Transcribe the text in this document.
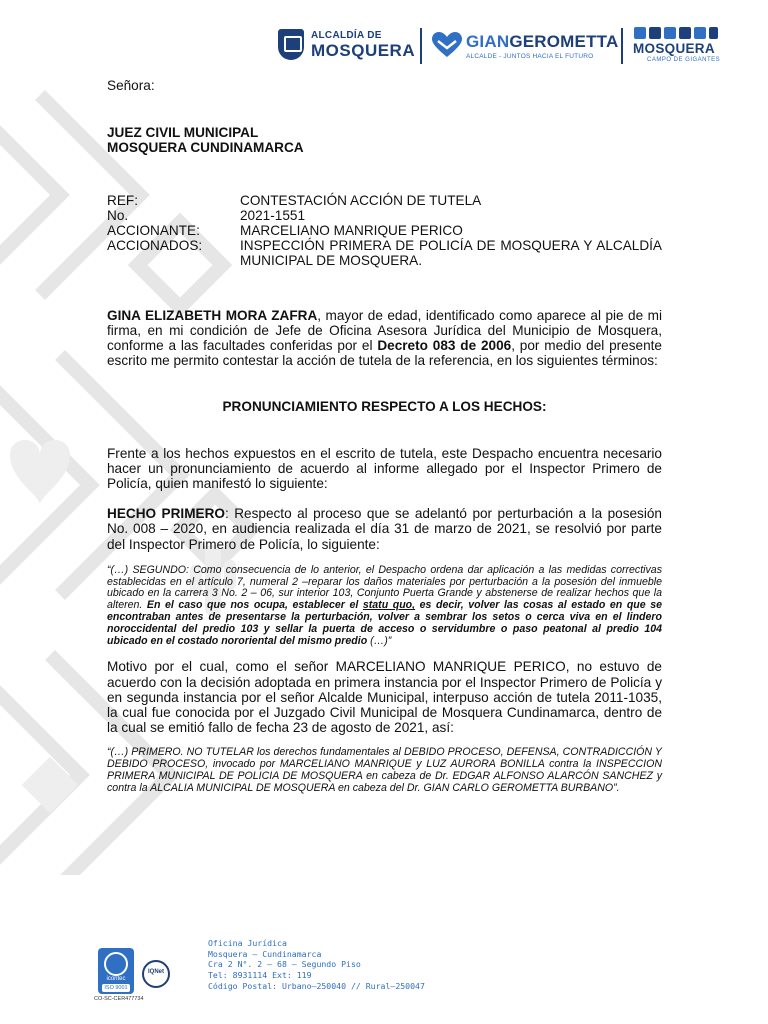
ALCALDÍA DE
MOSQUERA	GIANGEROMETTA
ALCALDE - JUNTOS HACIA EL FUTURO
MOSQUERA
CAMPO DE GIGANTES

Señora:

JUEZ CIVIL MUNICIPAL

MOSQUERA CUNDINAMARCA

REF:	CONTESTACIÓN ACCIÓN DE TUTELA
No.	2021-1551
ACCIONANTE:	MARCELIANO MANRIQUE PERICO
ACCIONADOS:	INSPECCIÓN PRIMERA DE POLICÍA DE MOSQUERA Y ALCALDÍA MUNICIPAL DE MOSQUERA.

GINA ELIZABETH MORA ZAFRA, mayor de edad, identificado como aparece al pie de mi firma, en mi condición de Jefe de Oficina Asesora Jurídica del Municipio de Mosquera, conforme a las facultades conferidas por el Decreto 083 de 2006, por medio del presente escrito me permito contestar la acción de tutela de la referencia, en los siguientes términos:

PRONUNCIAMIENTO RESPECTO A LOS HECHOS:

Frente a los hechos expuestos en el escrito de tutela, este Despacho encuentra necesario hacer un pronunciamiento de acuerdo al informe allegado por el Inspector Primero de Policía, quien manifestó lo siguiente:

HECHO PRIMERO: Respecto al proceso que se adelantó por perturbación a la posesión No. 008 – 2020, en audiencia realizada el día 31 de marzo de 2021, se resolvió por parte del Inspector Primero de Policía, lo siguiente:

“(…) SEGUNDO: Como consecuencia de lo anterior, el Despacho ordena dar aplicación a las medidas correctivas establecidas en el artículo 7, numeral 2 –reparar los daños materiales por perturbación a la posesión del inmueble ubicado en la carrera 3 No. 2 – 06, sur interior 103, Conjunto Puerta Grande y abstenerse de realizar hechos que la alteren. En el caso que nos ocupa, establecer el statu quo, es decir, volver las cosas al estado en que se encontraban antes de presentarse la perturbación, volver a sembrar los setos o cerca viva en el lindero noroccidental del predio 103 y sellar la puerta de acceso o servidumbre o paso peatonal al predio 104 ubicado en el costado nororiental del mismo predio (…)”

Motivo por el cual, como el señor MARCELIANO MANRIQUE PERICO, no estuvo de acuerdo con la decisión adoptada en primera instancia por el Inspector Primero de Policía y en segunda instancia por el señor Alcalde Municipal, interpuso acción de tutela 2011-1035, la cual fue conocida por el Juzgado Civil Municipal de Mosquera Cundinamarca, dentro de la cual se emitió fallo de fecha 23 de agosto de 2021, así:

“(…) PRIMERO. NO TUTELAR los derechos fundamentales al DEBIDO PROCESO, DEFENSA, CONTRADICCIÓN Y DEBIDO PROCESO, invocado por MARCELIANO MANRIQUE y LUZ AURORA BONILLA contra la INSPECCION PRIMERA MUNICIPAL DE POLICIA DE MOSQUERA en cabeza de Dr. EDGAR ALFONSO ALARCÓN SANCHEZ y contra la ALCALIA MUNICIPAL DE MOSQUERA en cabeza del Dr. GIAN CARLO GEROMETTA BURBANO”.

icontec
ISO 9001
IQNet
CO-SC-CER477734
Oficina Jurídica
Mosquera – Cundinamarca
Cra 2 N°. 2 – 68 – Segundo Piso
Tel: 8931114 Ext: 119
Código Postal: Urbano–250040 // Rural–250047
